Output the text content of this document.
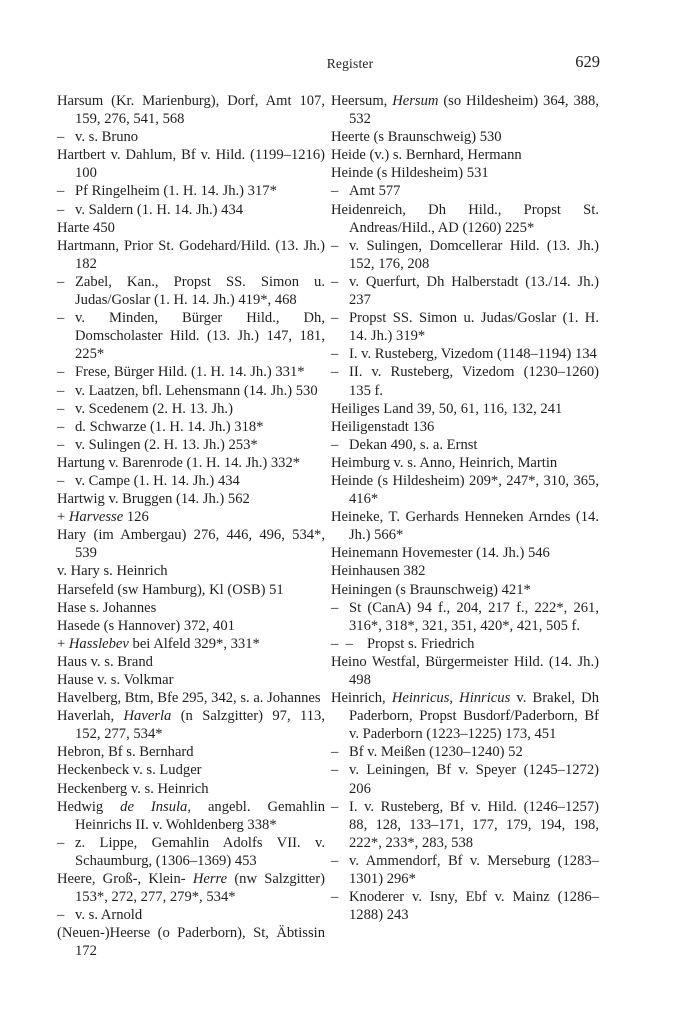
Register	629

Harsum (Kr. Marienburg), Dorf, Amt 107, 159, 276, 541, 568

– v. s. Bruno

Hartbert v. Dahlum, Bf v. Hild. (1199–1216) 100

– Pf Ringelheim (1. H. 14. Jh.) 317*

– v. Saldern (1. H. 14. Jh.) 434

Harte 450

Hartmann, Prior St. Godehard/Hild. (13. Jh.) 182

– Zabel, Kan., Propst SS. Simon u. Judas/Goslar (1. H. 14. Jh.) 419*, 468

– v. Minden, Bürger Hild., Dh, Domscholaster Hild. (13. Jh.) 147, 181, 225*

– Frese, Bürger Hild. (1. H. 14. Jh.) 331*

– v. Laatzen, bfl. Lehensmann (14. Jh.) 530

– v. Scedenem (2. H. 13. Jh.)

– d. Schwarze (1. H. 14. Jh.) 318*

– v. Sulingen (2. H. 13. Jh.) 253*

Hartung v. Barenrode (1. H. 14. Jh.) 332*

– v. Campe (1. H. 14. Jh.) 434

Hartwig v. Bruggen (14. Jh.) 562

+ Harvesse 126

Hary (im Ambergau) 276, 446, 496, 534*, 539

v. Hary s. Heinrich

Harsefeld (sw Hamburg), Kl (OSB) 51

Hase s. Johannes

Hasede (s Hannover) 372, 401

+ Hasslebev bei Alfeld 329*, 331*

Haus v. s. Brand

Hause v. s. Volkmar

Havelberg, Btm, Bfe 295, 342, s. a. Johannes

Haverlah, Haverla (n Salzgitter) 97, 113, 152, 277, 534*

Hebron, Bf s. Bernhard

Heckenbeck v. s. Ludger

Heckenberg v. s. Heinrich

Hedwig de Insula, angebl. Gemahlin Heinrichs II. v. Wohldenberg 338*

– z. Lippe, Gemahlin Adolfs VII. v. Schaumburg, (1306–1369) 453

Heere, Groß-, Klein- Herre (nw Salzgitter) 153*, 272, 277, 279*, 534*

– v. s. Arnold

(Neuen-)Heerse (o Paderborn), St, Äbtissin 172

Heersum, Hersum (so Hildesheim) 364, 388, 532

Heerte (s Braunschweig) 530

Heide (v.) s. Bernhard, Hermann

Heinde (s Hildesheim) 531

– Amt 577

Heidenreich, Dh Hild., Propst St. Andreas/Hild., AD (1260) 225*

– v. Sulingen, Domcellerar Hild. (13. Jh.) 152, 176, 208

– v. Querfurt, Dh Halberstadt (13./14. Jh.) 237

– Propst SS. Simon u. Judas/Goslar (1. H. 14. Jh.) 319*

– I. v. Rusteberg, Vizedom (1148–1194) 134

– II. v. Rusteberg, Vizedom (1230–1260) 135 f.

Heiliges Land 39, 50, 61, 116, 132, 241

Heiligenstadt 136

– Dekan 490, s. a. Ernst

Heimburg v. s. Anno, Heinrich, Martin

Heinde (s Hildesheim) 209*, 247*, 310, 365, 416*

Heineke, T. Gerhards Henneken Arndes (14. Jh.) 566*

Heinemann Hovemester (14. Jh.) 546

Heinhausen 382

Heiningen (s Braunschweig) 421*

– St (CanA) 94 f., 204, 217 f., 222*, 261, 316*, 318*, 321, 351, 420*, 421, 505 f.

–  – Propst s. Friedrich

Heino Westfal, Bürgermeister Hild. (14. Jh.) 498

Heinrich, Heinricus, Hinricus v. Brakel, Dh Paderborn, Propst Busdorf/Paderborn, Bf v. Paderborn (1223–1225) 173, 451

– Bf v. Meißen (1230–1240) 52

– v. Leiningen, Bf v. Speyer (1245–1272) 206

– I. v. Rusteberg, Bf v. Hild. (1246–1257) 88, 128, 133–171, 177, 179, 194, 198, 222*, 233*, 283, 538

– v. Ammendorf, Bf v. Merseburg (1283–1301) 296*

– Knoderer v. Isny, Ebf v. Mainz (1286–1288) 243
